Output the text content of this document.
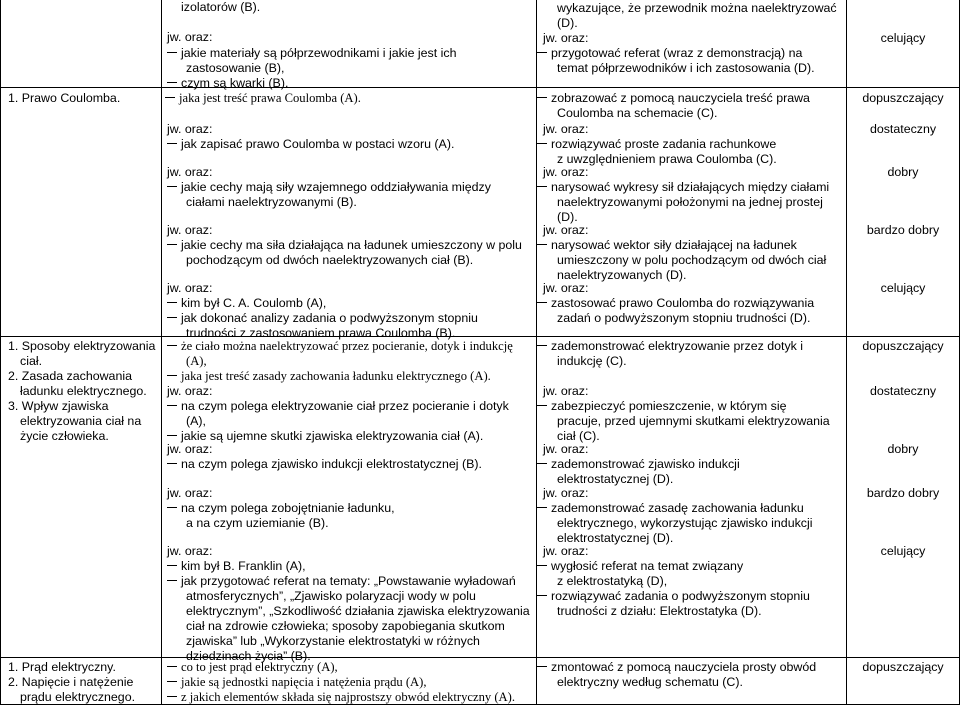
izolatorów (B).
jw. oraz:
jakie materiały są półprzewodnikami i jakie jest ich
zastosowanie (B),
czym są kwarki (B).
wykazujące, że przewodnik można naelektryzować
(D).
jw. oraz:
przygotować referat (wraz z demonstracją) na
temat półprzewodników i ich zastosowania (D).
celujący
1. Prawo Coulomba.	jaka jest treść prawa Coulomba (A).
jw. oraz:
jak zapisać prawo Coulomba w postaci wzoru (A).
jw. oraz:
jakie cechy mają siły wzajemnego oddziaływania między
ciałami naelektryzowanymi (B).
jw. oraz:
jakie cechy ma siła działająca na ładunek umieszczony w polu
pochodzącym od dwóch naelektryzowanych ciał (B).
jw. oraz:
kim był C. A. Coulomb (A),
jak dokonać analizy zadania o podwyższonym stopniu
trudności z zastosowaniem prawa Coulomba (B).
zobrazować z pomocą nauczyciela treść prawa
Coulomba na schemacie (C).
jw. oraz:
rozwiązywać proste zadania rachunkowe
z uwzględnieniem prawa Coulomba (C).
jw. oraz:
narysować wykresy sił działających między ciałami
naelektryzowanymi położonymi na jednej prostej
(D).
jw. oraz:
narysować wektor siły działającej na ładunek
umieszczony w polu pochodzącym od dwóch ciał
naelektryzowanych (D).
jw. oraz:
zastosować prawo Coulomba do rozwiązywania
zadań o podwyższonym stopniu trudności (D).
dopuszczający
dostateczny
dobry
bardzo dobry
celujący
1. Sposoby elektryzowania
ciał.
2. Zasada zachowania
ładunku elektrycznego.
3. Wpływ zjawiska
elektryzowania ciał na
życie człowieka.
że ciało można naelektryzować przez pocieranie, dotyk i indukcję
(A),
jaka jest treść zasady zachowania ładunku elektrycznego (A).
jw. oraz:
na czym polega elektryzowanie ciał przez pocieranie i dotyk
(A),
jakie są ujemne skutki zjawiska elektryzowania ciał (A).
jw. oraz:
na czym polega zjawisko indukcji elektrostatycznej (B).
jw. oraz:
na czym polega zobojętnianie ładunku,
a na czym uziemianie (B).
jw. oraz:
kim był B. Franklin (A),
jak przygotować referat na tematy: „Powstawanie wyładowań
atmosferycznych”, „Zjawisko polaryzacji wody w polu
elektrycznym”, „Szkodliwość działania zjawiska elektryzowania
ciał na zdrowie człowieka; sposoby zapobiegania skutkom
zjawiska” lub „Wykorzystanie elektrostatyki w różnych
dziedzinach życia” (B).
zademonstrować elektryzowanie przez dotyk i
indukcję (C).
jw. oraz:
zabezpieczyć pomieszczenie, w którym się
pracuje, przed ujemnymi skutkami elektryzowania
ciał (C).
jw. oraz:
zademonstrować zjawisko indukcji
elektrostatycznej (D).
jw. oraz:
zademonstrować zasadę zachowania ładunku
elektrycznego, wykorzystując zjawisko indukcji
elektrostatycznej (D).
jw. oraz:
wygłosić referat na temat związany
z elektrostatyką (D),
rozwiązywać zadania o podwyższonym stopniu
trudności z działu: Elektrostatyka (D).
dopuszczający
dostateczny
dobry
bardzo dobry
celujący
1. Prąd elektryczny.
2. Napięcie i natężenie
prądu elektrycznego.
co to jest prąd elektryczny (A),
jakie są jednostki napięcia i natężenia prądu (A),
z jakich elementów składa się najprostszy obwód elektryczny (A).
zmontować z pomocą nauczyciela prosty obwód
elektryczny według schematu (C).
dopuszczający
